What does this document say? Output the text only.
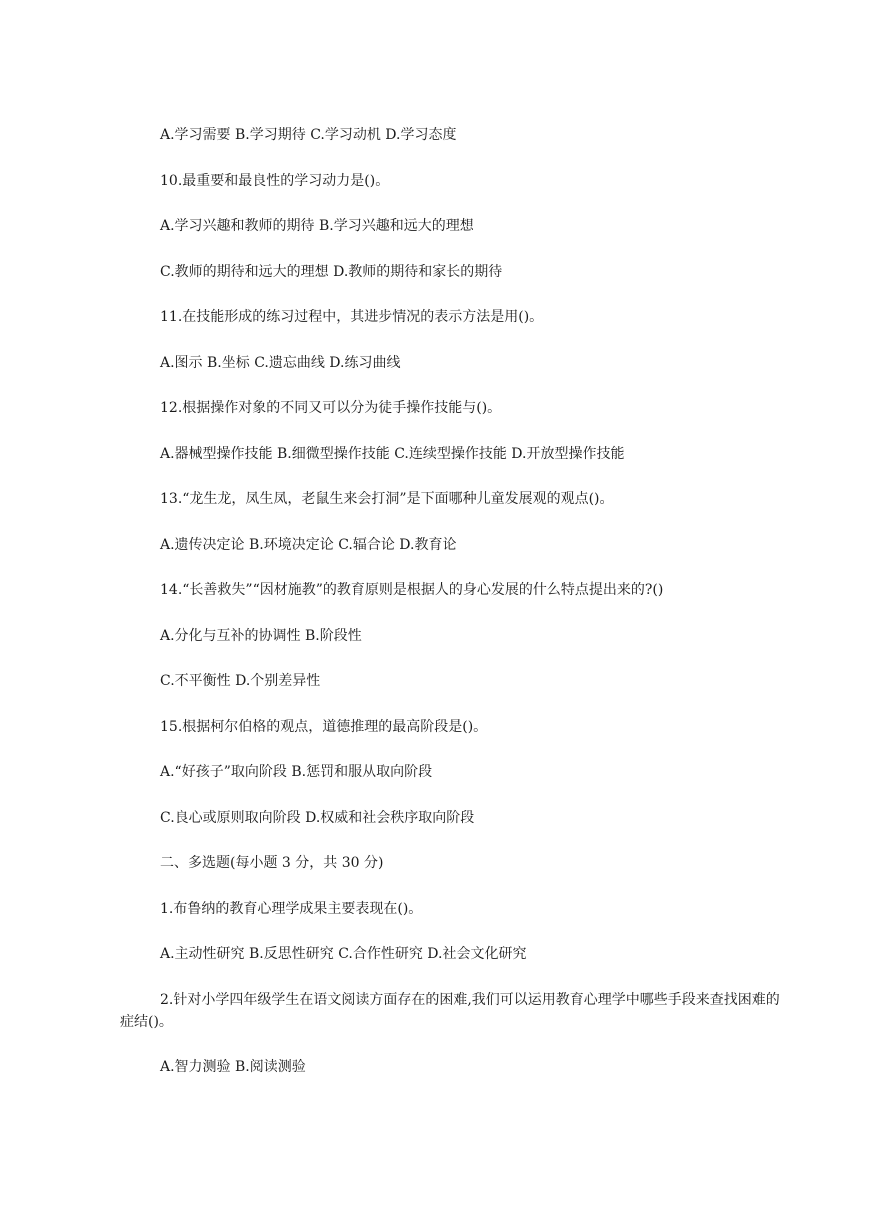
A.学习需要 B.学习期待 C.学习动机 D.学习态度

10.最重要和最良性的学习动力是()。

A.学习兴趣和教师的期待 B.学习兴趣和远大的理想

C.教师的期待和远大的理想 D.教师的期待和家长的期待

11.在技能形成的练习过程中，其进步情况的表示方法是用()。

A.图示 B.坐标 C.遗忘曲线 D.练习曲线

12.根据操作对象的不同又可以分为徒手操作技能与()。

A.器械型操作技能 B.细微型操作技能 C.连续型操作技能 D.开放型操作技能

13.“龙生龙，凤生凤，老鼠生来会打洞”是下面哪种儿童发展观的观点()。

A.遗传决定论 B.环境决定论 C.辐合论 D.教育论

14.“长善救失”“因材施教”的教育原则是根据人的身心发展的什么特点提出来的?()

A.分化与互补的协调性 B.阶段性

C.不平衡性 D.个别差异性

15.根据柯尔伯格的观点，道德推理的最高阶段是()。

A.“好孩子”取向阶段 B.惩罚和服从取向阶段

C.良心或原则取向阶段 D.权威和社会秩序取向阶段

二、多选题(每小题 3 分，共 30 分)

1.布鲁纳的教育心理学成果主要表现在()。

A.主动性研究 B.反思性研究 C.合作性研究 D.社会文化研究

2.针对小学四年级学生在语文阅读方面存在的困难,我们可以运用教育心理学中哪些手段来查找困难的症结()。

A.智力测验 B.阅读测验
